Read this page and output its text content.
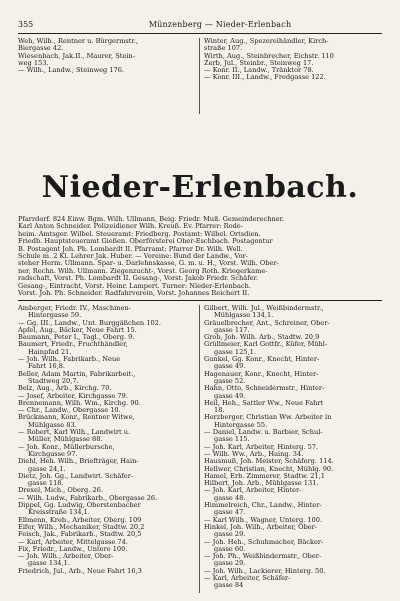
355	Münzenberg — Nieder-Erlenbach
Weh, Wilh., Rentner u. Bürgermstr.,
Biergasse 42.
Wiesenbach, Jak.II., Maurer, Stein-
weg 153.
— Wilh., Landw., Steinweg 176.
Winter, Aug., Spezereihändler, Kirch-
straße 107.
Wirth, Aug., Steinbrecher, Eichstr. 110
Zerb, Jul., Steinbr., Steinweg 17.
— Konr. II., Landw., Tränktor 78.
— Konr. III., Landw., Fredgasse 122.
Nieder-Erlenbach.
Pfarrdorf. 824 Einw. Bgm. Wilh. Ullmann, Beig. Friedr. Muß. Gemeinderechner.
Karl Anton Schneider. Polizeidiener Wilh. Kreuß. Ev. Pfarrer: Rode-
heim. Amtsger. Wilbel. Steueramt: Friedberg. Postamt: Wilbel. Ortsdien.
Friedb. Hauptsteueramt Gießen. Oberförsterei Ober-Eschbach. Postagentur
B. Postagent Joh. Ph. Lombardt II. Pfarramt: Pfarrer Dr. Wilh. Well.
Schule m. 2 Kl. Lehrer Jak. Huber. — Vereine: Bund der Landw., Vor-
steher Herm. Ullmann. Spar- u. Darlehnskasse, G. m. u. H., Vorst. Wilh. Ober-
ner, Rechn. Wilh. Ullmann. Ziegenzucht-, Vorst. Georg Roth. Kriegerkame-
radschaft, Vorst. Ph. Lombardt II. Gesang-, Vorst. Jakob Friedr. Schäfer.
Gesang-, Eintracht, Vorst. Heinr. Lampert. Turner: Nieder-Erlenbach.
Vorst. Joh. Ph. Schneider. Radfahrverein, Vorst. Johannes Reichert II.
Amberger, Friedr. IV., Maschinen-
Hintergasse 59.
— Gg. III., Landw., Unt. Burggäßchen 102.
Apfel, Aug., Bäcker, Neue Fahrt 15.
Baumann, Peter I., Tagl., Oberg. 9.
Baumert, Friedr., Fruchthändler,
Hainpfad 21.
— Joh. Wilh., Fabrikarb., Neue
Fahrt 16,8.
Beller, Adam Martin, Fabrikarbeit.,
Stadtweg 20,7.
Belz, Aug., Arb., Kirchg. 70.
— Josef, Arbeiter, Kirchgasse 79.
Brennemann, Wilh. Wm., Kirchg. 90.
— Chr., Landw., Obergasse 10.
Brückmann, Konr., Rentner Witwe,
Mühlgasse 83.
— Robert, Karl Wilh., Landwirt u.
Müller, Mühlgasse 88.
— Joh. Konr., Müllerbursche,
Kirchgasse 97.
Diehl, Heh. Wilh., Briefträger, Hain-
gasse 24,1.
Dietz, Joh. Gg., Landwirt. Schäfer-
gasse 118.
Drexel, Mich., Oberg. 26.
— Wilh. Ludw., Fabrikarb., Obergasse 26.
Dippel, Gg. Ludwig, Oberstenbacher
Kreisstraße 134,1.
Ellmenn, Kreb., Arbeiter, Oberg. 109
Eifer, Wilh., Mechaniker, Stadtw. 20,2
Feisch, Jak., Fabrikarb., Stadtw. 20,5
— Karl, Arbeiter, Mittelgasse 74.
Fix, Friedr., Landw., Untere 100.
— Joh. Wilh., Arbeiter, Ober-
gasse 134,1.
Friedrich, Jul., Arb., Neue Fahrt 16,3
Gilbert, Wilh. Jul., Weißbindermstr.,
Mühlgasse 134,1.
Gräuelbrecher, Ant., Schreiner, Ober-
gasse 117.
Grob, Joh. Wilh. Arb., Stadtw. 20,9
Grüllmeier, Karl Gottfr., Küfer, Mühl-
gasse 125,1.
Gunkel, Gg. Konr., Knecht, Hinter-
gasse 49.
Hagenauer, Konr., Knecht, Hinter-
gasse 52.
Hahn, Otto, Schneidermstr., Hinter-
gasse 49.
Heil, Heh., Sattler Ww., Neue Fahrt
18.
Herzberger, Christian Ww. Arbeiter in
Hintergasse 55.
— Daniel, Landw. u. Barbier, Schul-
gasse 115.
— Joh. Karl, Arbeiter, Hinterg. 57.
— Wilh. Ww., Arb., Haing. 34.
Hausmuß, Joh. Meister, Schäferg. 114.
Hellwer, Christian, Knecht, Mühlg. 90.
Hamel, Erb. Zimmerer, Stadtw. 21,1
Hilbert, Joh. Arb., Mühlgasse 131.
— Joh. Karl, Arbeiter, Hinter-
gasse 48.
Himmelreich, Chr., Landw., Hinter-
gasse 47.
— Karl Wilh., Wagner, Unterg. 100.
Hinkel, Joh. Wilh., Arbeiter, Ober-
gasse 29.
— Joh. Heh., Schuhmacher, Bäcker-
gasse 60.
— Joh. Ph., Weißbindermstr., Ober-
gasse 29.
— Joh. Wilh., Lackierer, Hinterg. 50.
— Karl, Arbeiter, Schäfer-
gasse 84
